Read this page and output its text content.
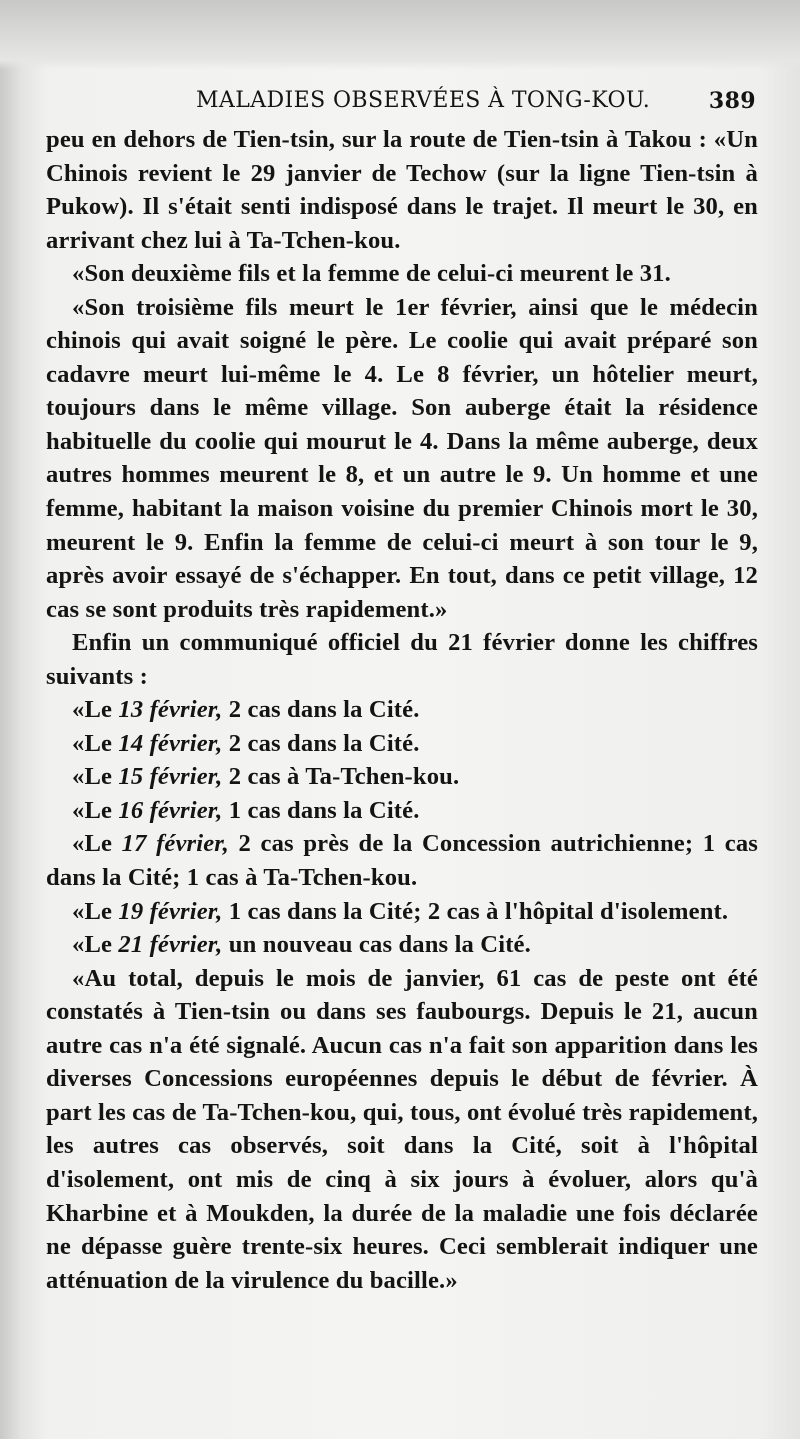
MALADIES OBSERVÉES À TONG-KOU.	389

peu en dehors de Tien-tsin, sur la route de Tien-tsin à Takou : «Un Chinois revient le 29 janvier de Techow (sur la ligne Tien-tsin à Pukow). Il s'était senti indisposé dans le trajet. Il meurt le 30, en arrivant chez lui à Ta-Tchen-kou.

«Son deuxième fils et la femme de celui-ci meurent le 31.

«Son troisième fils meurt le 1er février, ainsi que le médecin chinois qui avait soigné le père. Le coolie qui avait préparé son cadavre meurt lui-même le 4. Le 8 février, un hôtelier meurt, toujours dans le même village. Son auberge était la résidence habituelle du coolie qui mourut le 4. Dans la même auberge, deux autres hommes meurent le 8, et un autre le 9. Un homme et une femme, habitant la maison voisine du premier Chinois mort le 30, meurent le 9. Enfin la femme de celui-ci meurt à son tour le 9, après avoir essayé de s'échapper. En tout, dans ce petit village, 12 cas se sont produits très rapidement.»

Enfin un communiqué officiel du 21 février donne les chiffres suivants :

«Le 13 février, 2 cas dans la Cité.

«Le 14 février, 2 cas dans la Cité.

«Le 15 février, 2 cas à Ta-Tchen-kou.

«Le 16 février, 1 cas dans la Cité.

«Le 17 février, 2 cas près de la Concession autrichienne; 1 cas dans la Cité; 1 cas à Ta-Tchen-kou.

«Le 19 février, 1 cas dans la Cité; 2 cas à l'hôpital d'isolement.

«Le 21 février, un nouveau cas dans la Cité.

«Au total, depuis le mois de janvier, 61 cas de peste ont été constatés à Tien-tsin ou dans ses faubourgs. Depuis le 21, aucun autre cas n'a été signalé. Aucun cas n'a fait son apparition dans les diverses Concessions européennes depuis le début de février. À part les cas de Ta-Tchen-kou, qui, tous, ont évolué très rapidement, les autres cas observés, soit dans la Cité, soit à l'hôpital d'isolement, ont mis de cinq à six jours à évoluer, alors qu'à Kharbine et à Moukden, la durée de la maladie une fois déclarée ne dépasse guère trente-six heures. Ceci semblerait indiquer une atténuation de la virulence du bacille.»
